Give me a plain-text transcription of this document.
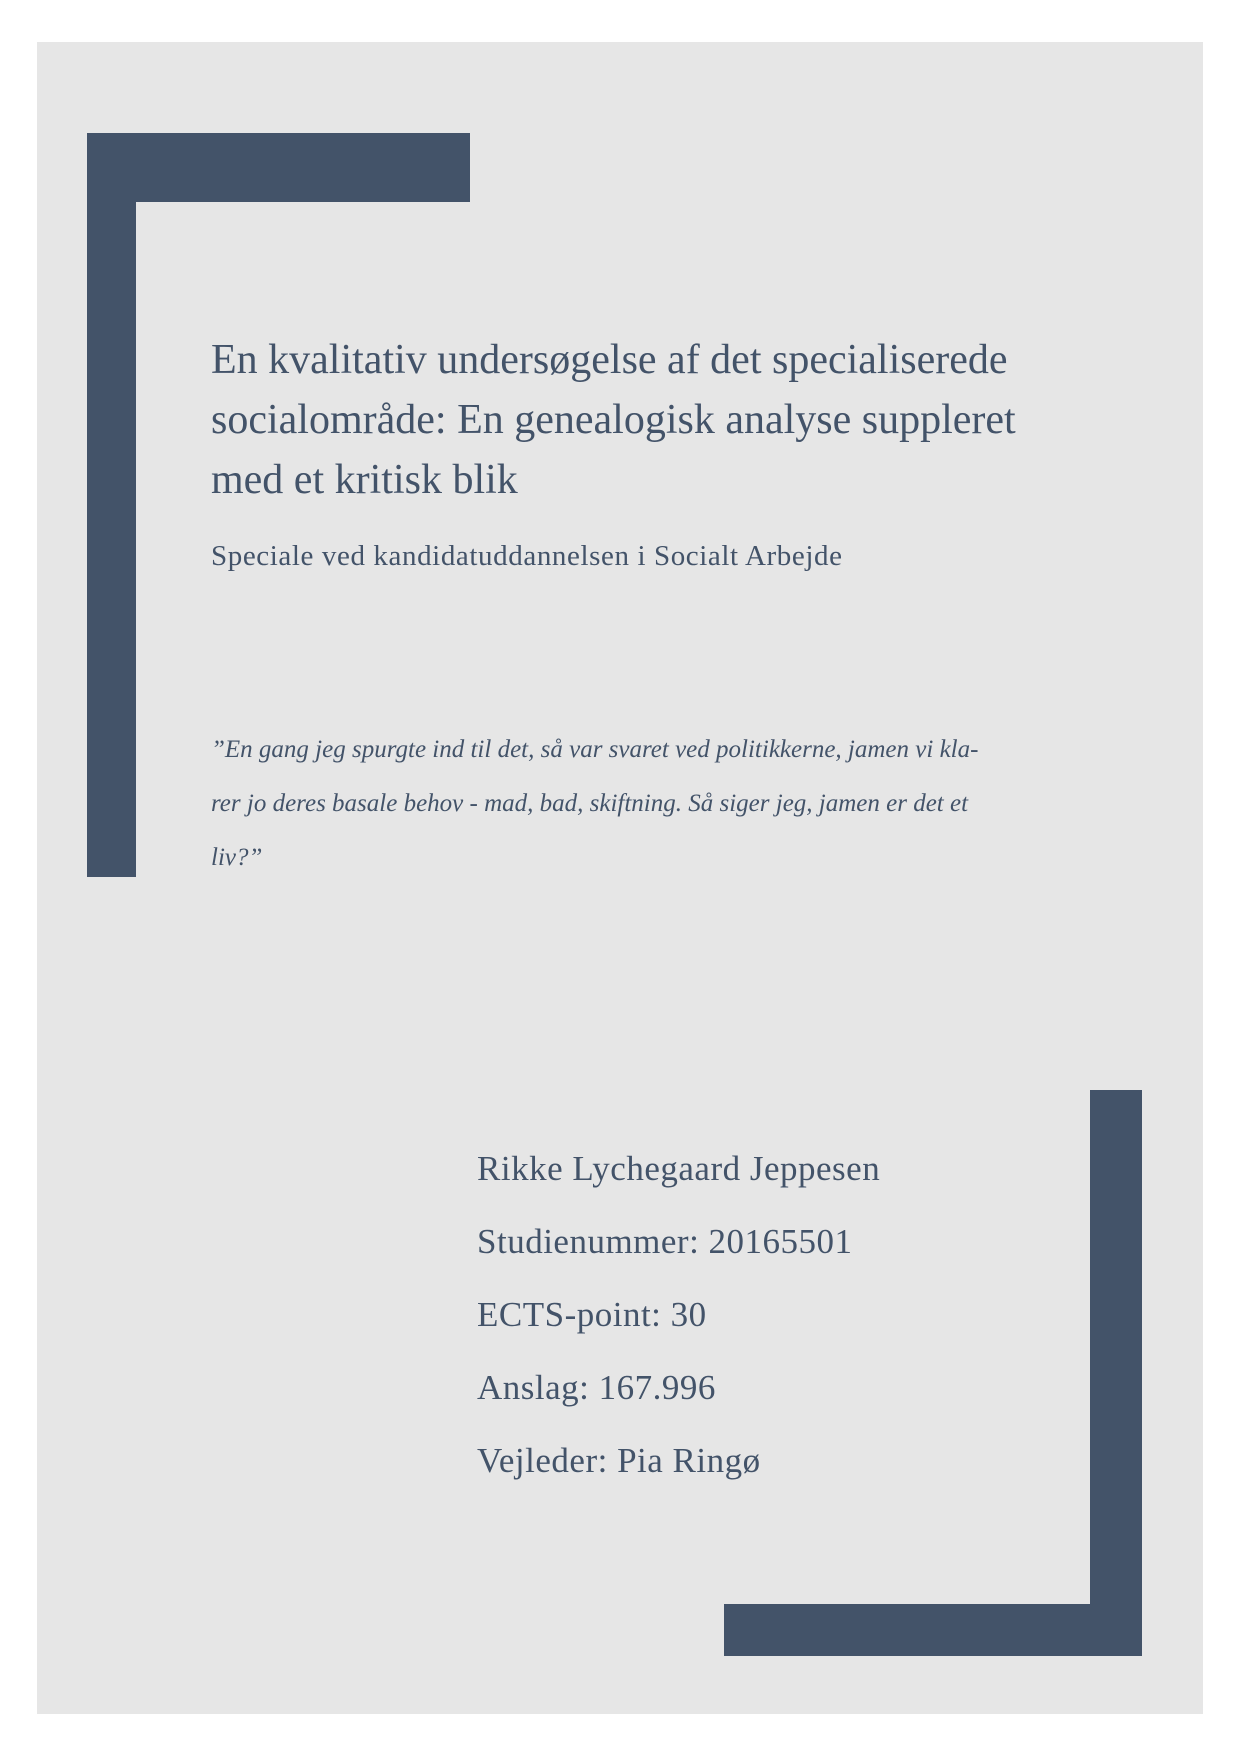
En kvalitativ undersøgelse af det specialiserede
socialområde: En genealogisk analyse suppleret
med et kritisk blik

Speciale ved kandidatuddannelsen i Socialt Arbejde

”En gang jeg spurgte ind til det, så var svaret ved politikkerne, jamen vi kla-
rer jo deres basale behov - mad, bad, skiftning. Så siger jeg, jamen er det et
liv?”

Rikke Lychegaard Jeppesen
Studienummer: 20165501
ECTS-point: 30
Anslag: 167.996
Vejleder: Pia Ringø
